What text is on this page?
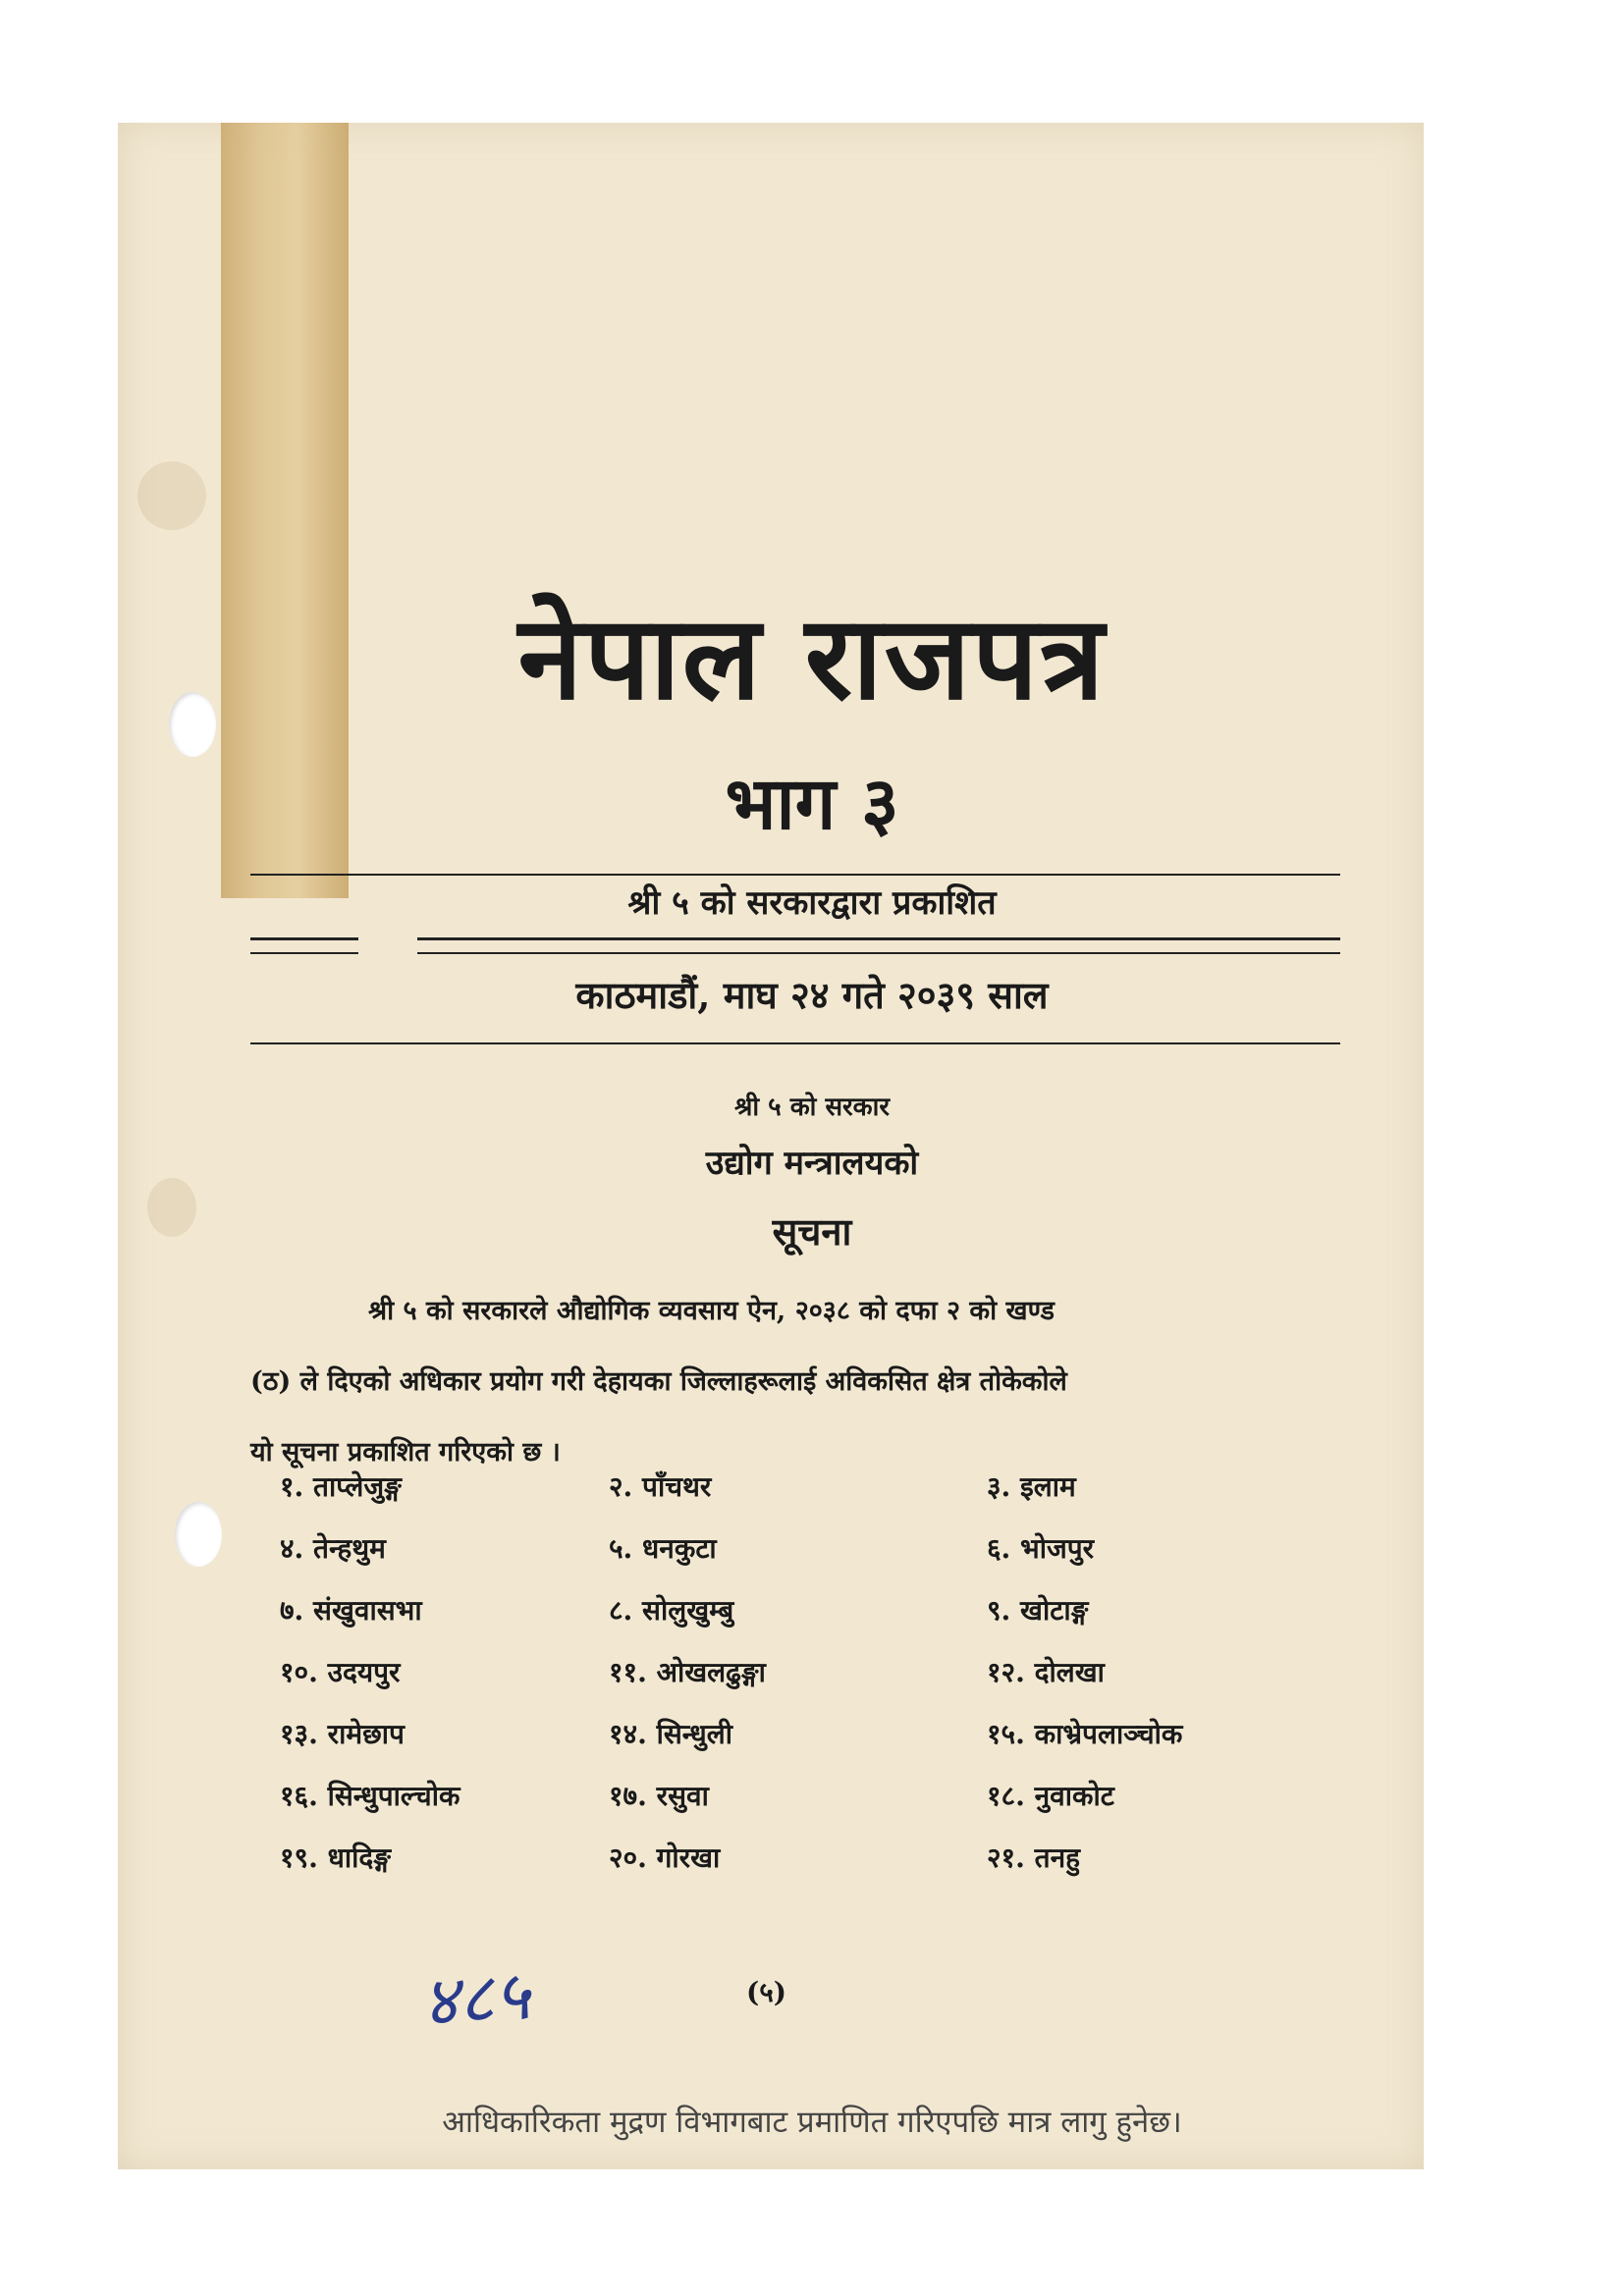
नेपाल राजपत्र
भाग ३

श्री ५ को सरकारद्वारा प्रकाशित

काठमाडौं, माघ २४ गते २०३९ साल

श्री ५ को सरकार

उद्योग मन्त्रालयको

सूचना

श्री ५ को सरकारले औद्योगिक व्यवसाय ऐन, २०३८ को दफा २ को खण्ड
(ठ) ले दिएको अधिकार प्रयोग गरी देहायका जिल्लाहरूलाई अविकसित क्षेत्र तोकेकोले
यो सूचना प्रकाशित गरिएको छ ।

१. ताप्लेजुङ्ग	२. पाँचथर	३. इलाम
४. तेन्हथुम	५. धनकुटा	६. भोजपुर
७. संखुवासभा	८. सोलुखुम्बु	९. खोटाङ्ग
१०. उदयपुर	११. ओखलढुङ्गा	१२. दोलखा
१३. रामेछाप	१४. सिन्धुली	१५. काभ्रेपलाञ्चोक
१६. सिन्धुपाल्चोक	१७. रसुवा	१८. नुवाकोट
१९. धादिङ्ग	२०. गोरखा	२१. तनहु
४८५	(५)

आधिकारिकता मुद्रण विभागबाट प्रमाणित गरिएपछि मात्र लागु हुनेछ।
